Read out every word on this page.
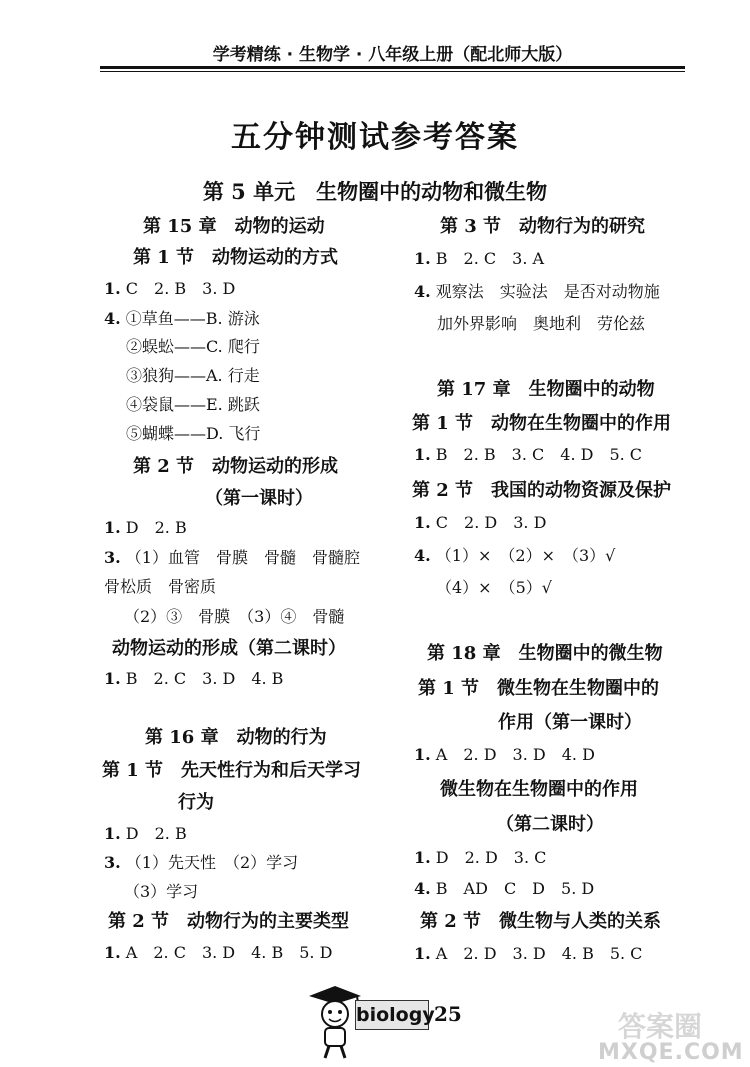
学考精练 · 生物学 · 八年级上册（配北师大版）
五分钟测试参考答案
第 5 单元　生物圈中的动物和微生物
第 15 章　动物的运动
第 1 节　动物运动的方式
1. C　2. B　3. D
4. ①草鱼——B. 游泳
②蜈蚣——C. 爬行
③狼狗——A. 行走
④袋鼠——E. 跳跃
⑤蝴蝶——D. 飞行
第 2 节　动物运动的形成
（第一课时）
1. D　2. B
3. （1）血管　骨膜　骨髓　骨髓腔
骨松质　骨密质
（2）③　骨膜　（3）④　骨髓
动物运动的形成（第二课时）
1. B　2. C　3. D　4. B
第 16 章　动物的行为
第 1 节　先天性行为和后天学习
行为
1. D　2. B
3. （1）先天性　（2）学习
（3）学习
第 2 节　动物行为的主要类型
1. A　2. C　3. D　4. B　5. D
第 3 节　动物行为的研究
1. B　2. C　3. A
4. 观察法　实验法　是否对动物施
加外界影响　奥地利　劳伦兹
第 17 章　生物圈中的动物
第 1 节　动物在生物圈中的作用
1. B　2. B　3. C　4. D　5. C
第 2 节　我国的动物资源及保护
1. C　2. D　3. D
4. （1）×　（2）×　（3）√
（4）×　（5）√
第 18 章　生物圈中的微生物
第 1 节　微生物在生物圈中的
作用（第一课时）
1. A　2. D　3. D　4. D
微生物在生物圈中的作用
（第二课时）
1. D　2. D　3. C
4. B　AD　C　D　5. D
第 2 节　微生物与人类的关系
1. A　2. D　3. D　4. B　5. C
biology 25	答案圈
MXQE.COM
